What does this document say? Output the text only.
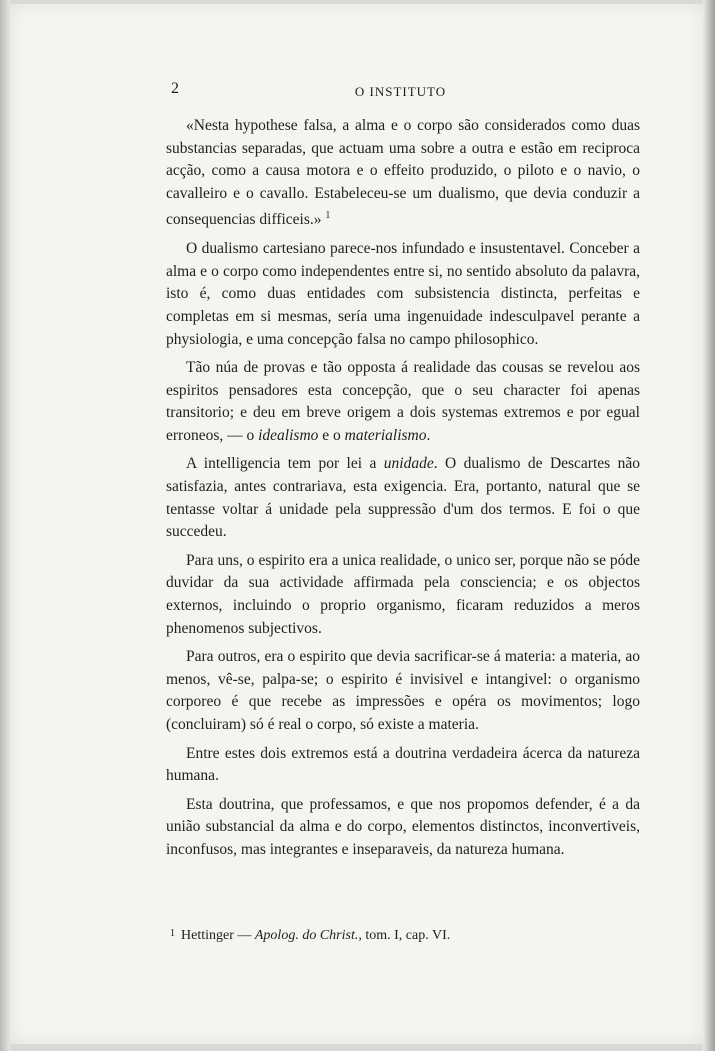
2	O INSTITUTO

«Nesta hypothese falsa, a alma e o corpo são considerados como duas substancias separadas, que actuam uma sobre a outra e estão em reciproca acção, como a causa motora e o effeito produzido, o piloto e o navio, o cavalleiro e o cavallo. Estabeleceu-se um dualismo, que devia conduzir a consequencias difficeis.» $^1$

O dualismo cartesiano parece-nos infundado e insustentavel. Conceber a alma e o corpo como independentes entre si, no sentido absoluto da palavra, isto é, como duas entidades com subsistencia distincta, perfeitas e completas em si mesmas, sería uma ingenuidade indesculpavel perante a physiologia, e uma concepção falsa no campo philosophico.

Tão núa de provas e tão opposta á realidade das cousas se revelou aos espiritos pensadores esta concepção, que o seu character foi apenas transitorio; e deu em breve origem a dois systemas extremos e por egual erroneos, — o idealismo e o materialismo.

A intelligencia tem por lei a unidade. O dualismo de Descartes não satisfazia, antes contrariava, esta exigencia. Era, portanto, natural que se tentasse voltar á unidade pela suppressão d'um dos termos. E foi o que succedeu.

Para uns, o espirito era a unica realidade, o unico ser, porque não se póde duvidar da sua actividade affirmada pela consciencia; e os objectos externos, incluindo o proprio organismo, ficaram reduzidos a meros phenomenos subjectivos.

Para outros, era o espirito que devia sacrificar-se á materia: a materia, ao menos, vê-se, palpa-se; o espirito é invisivel e intangivel: o organismo corporeo é que recebe as impressões e opéra os movimentos; logo (concluiram) só é real o corpo, só existe a materia.

Entre estes dois extremos está a doutrina verdadeira ácerca da natureza humana.

Esta doutrina, que professamos, e que nos propomos defender, é a da união substancial da alma e do corpo, elementos distinctos, inconvertiveis, inconfusos, mas integrantes e inseparaveis, da natureza humana.

$^1$ Hettinger — Apolog. do Christ., tom. I, cap. VI.
